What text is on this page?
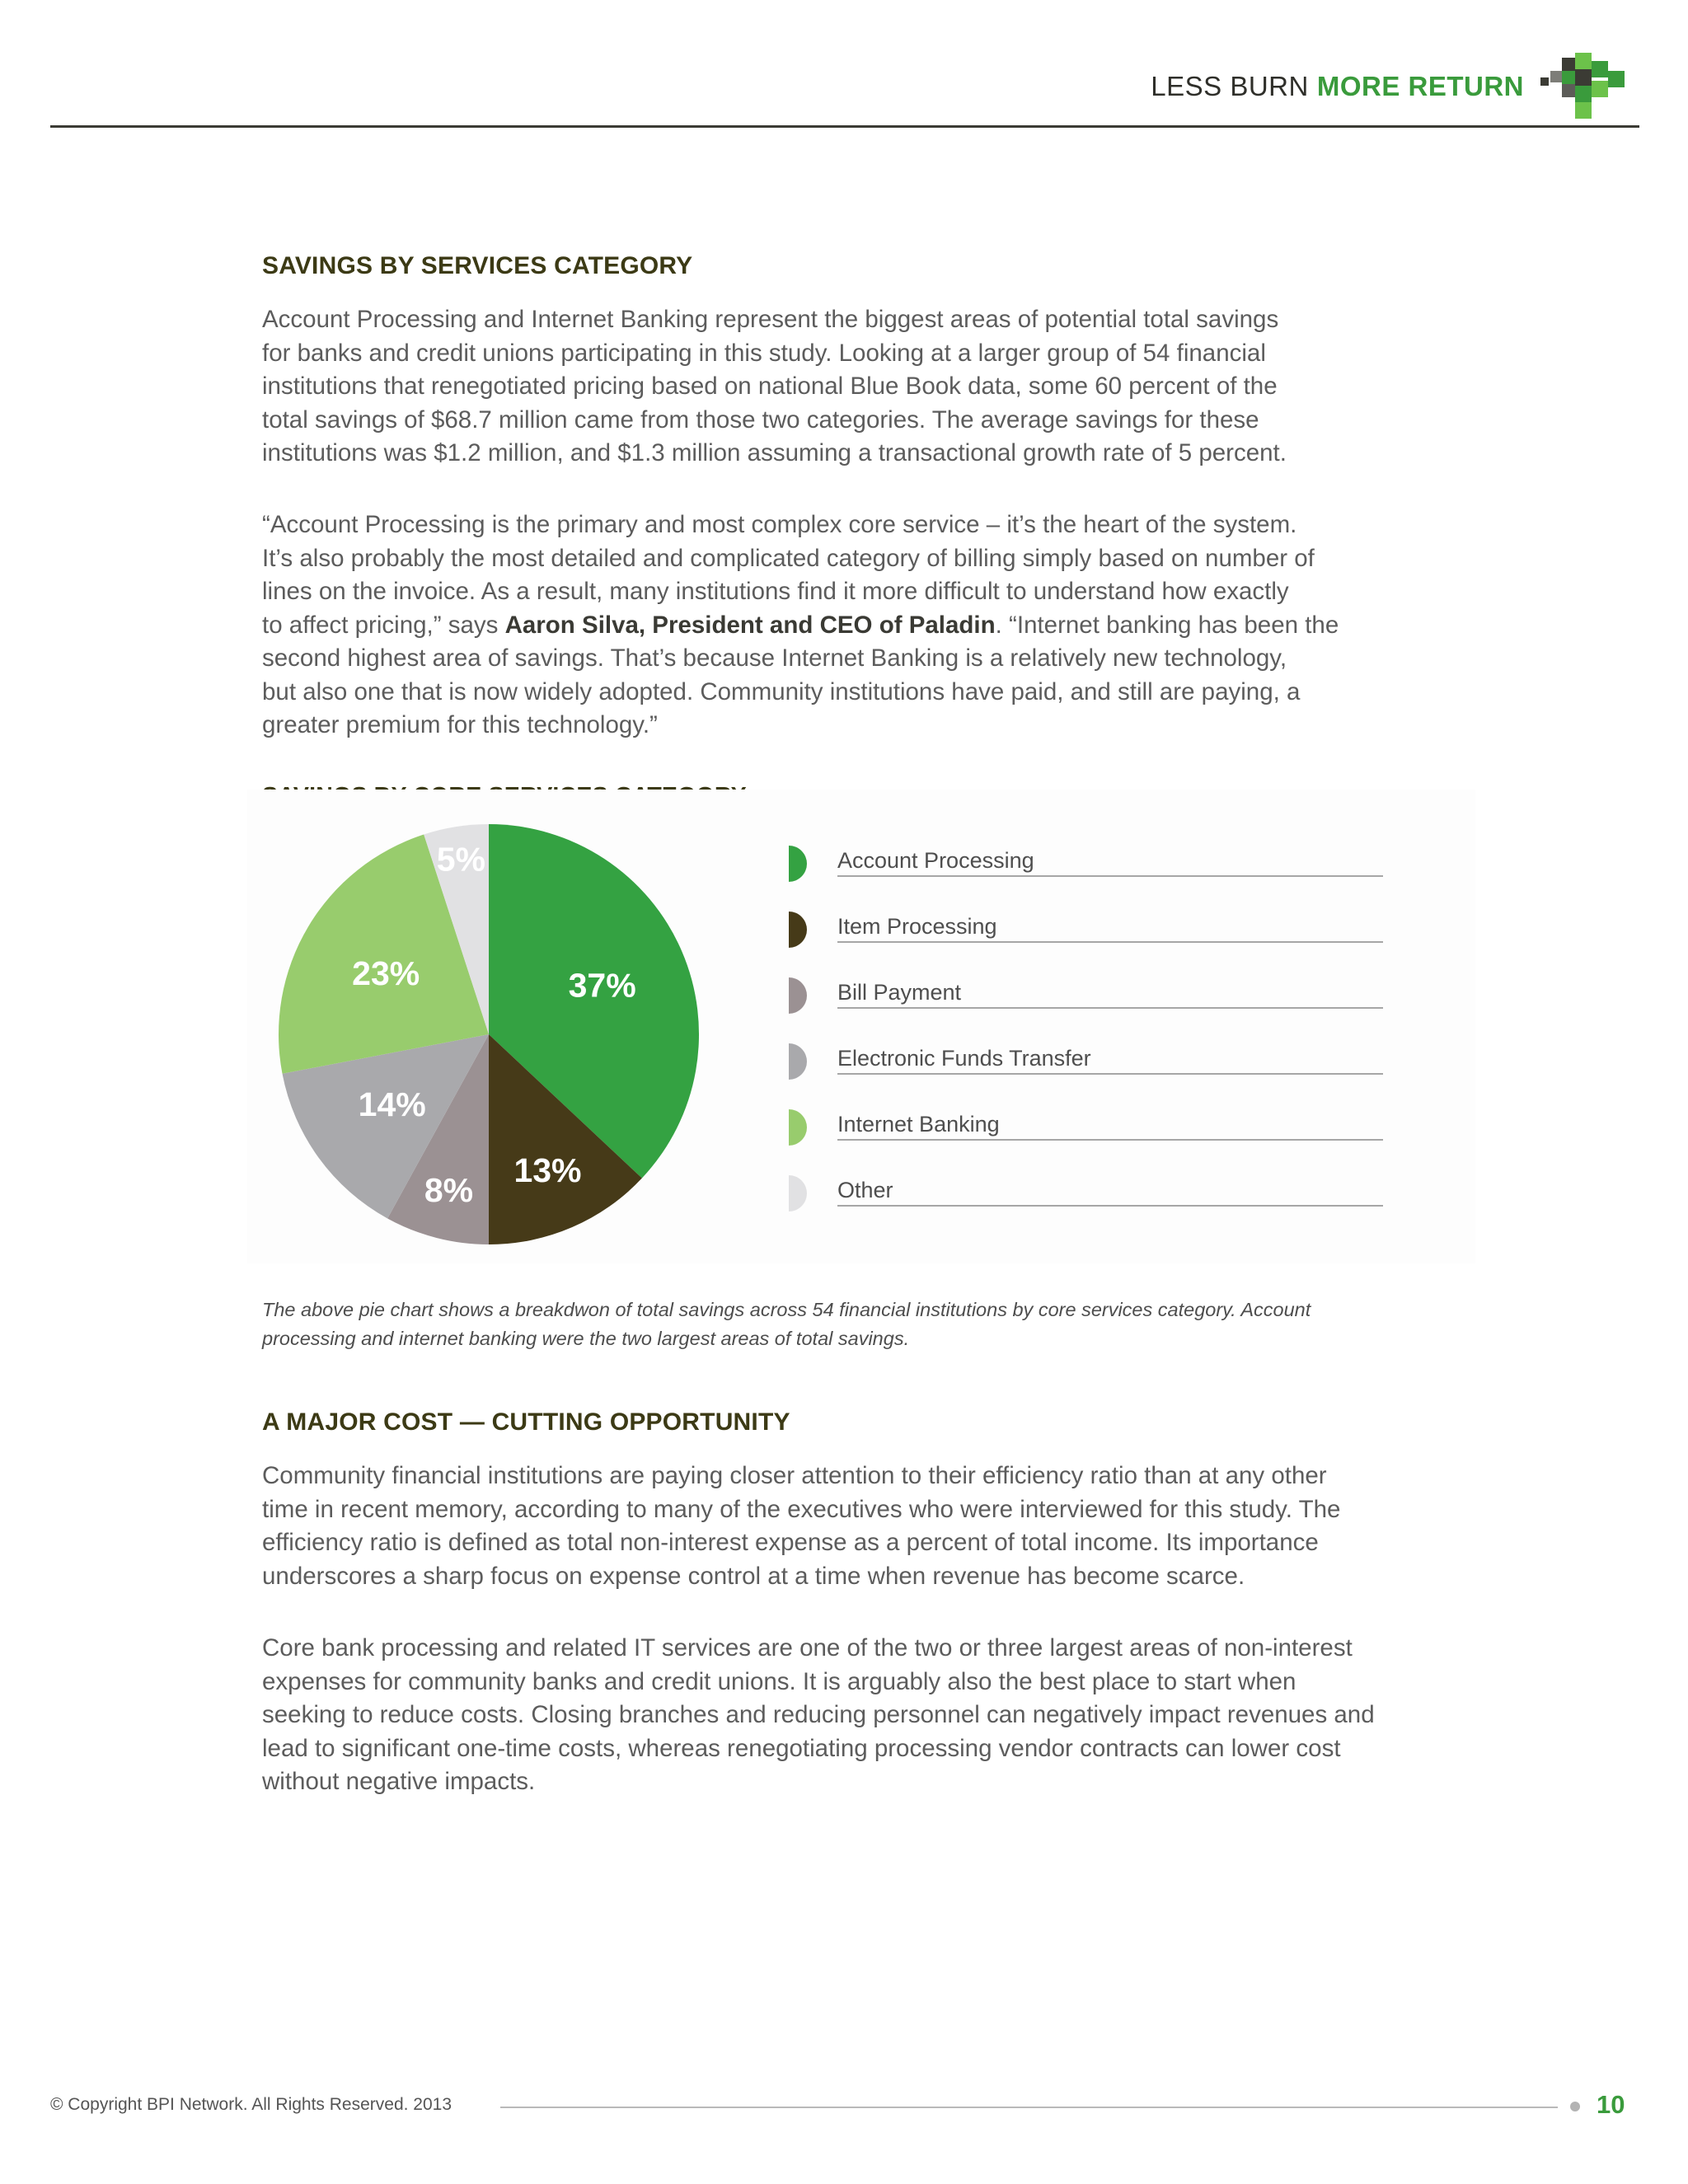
LESS BURN MORE RETURN
SAVINGS BY SERVICES CATEGORY

Account Processing and Internet Banking represent the biggest areas of potential total savings
for banks and credit unions participating in this study. Looking at a larger group of 54 financial
institutions that renegotiated pricing based on national Blue Book data, some 60 percent of the
total savings of $68.7 million came from those two categories. The average savings for these
institutions was $1.2 million, and $1.3 million assuming a transactional growth rate of 5 percent.

“Account Processing is the primary and most complex core service – it’s the heart of the system.
It’s also probably the most detailed and complicated category of billing simply based on number of
lines on the invoice. As a result, many institutions find it more difficult to understand how exactly
to affect pricing,” says Aaron Silva, President and CEO of Paladin. “Internet banking has been the
second highest area of savings. That’s because Internet Banking is a relatively new technology,
but also one that is now widely adopted. Community institutions have paid, and still are paying, a
greater premium for this technology.”

37%
13%
8%
14%
23%
5%	Account Processing
Item Processing
Bill Payment
Electronic Funds Transfer
Internet Banking
Other
The above pie chart shows a breakdwon of total savings across 54 financial institutions by core services category. Account
processing and internet banking were the two largest areas of total savings.
A MAJOR COST — CUTTING OPPORTUNITY

Community financial institutions are paying closer attention to their efficiency ratio than at any other
time in recent memory, according to many of the executives who were interviewed for this study. The
efficiency ratio is defined as total non-interest expense as a percent of total income. Its importance
underscores a sharp focus on expense control at a time when revenue has become scarce.

Core bank processing and related IT services are one of the two or three largest areas of non-interest
expenses for community banks and credit unions. It is arguably also the best place to start when
seeking to reduce costs. Closing branches and reducing personnel can negatively impact revenues and
lead to significant one-time costs, whereas renegotiating processing vendor contracts can lower cost
without negative impacts.

© Copyright BPI Network. All Rights Reserved. 2013	10
